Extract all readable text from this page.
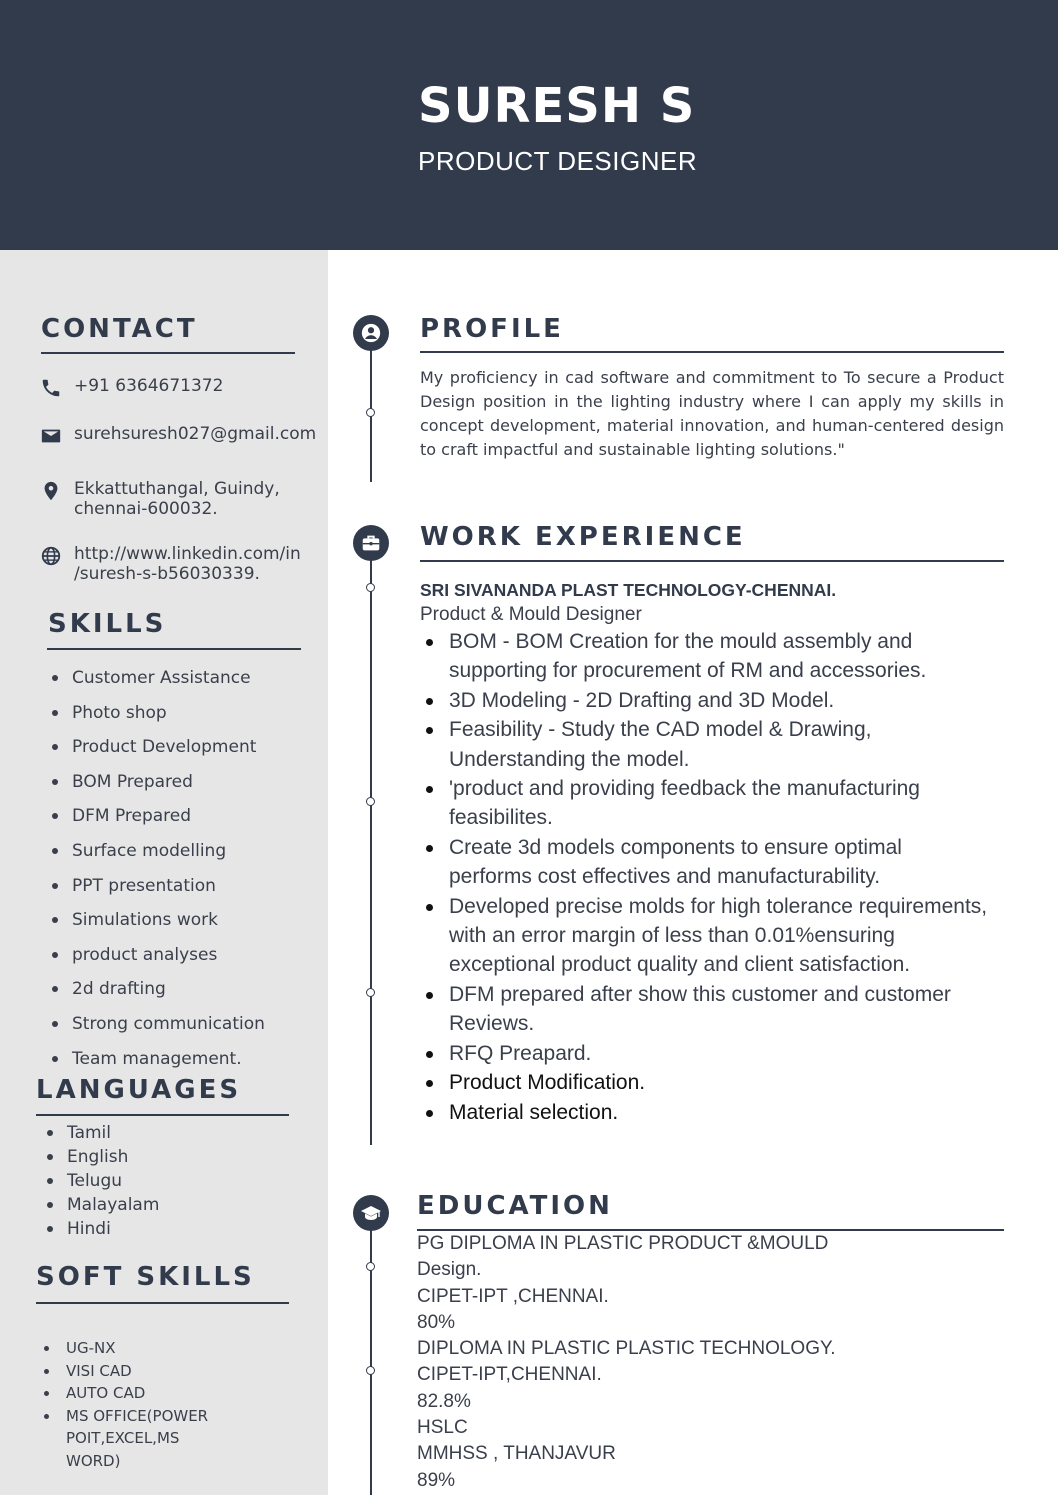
SURESH S

PRODUCT DESIGNER

CONTACT
+91 6364671372
surehsuresh027@gmail.com
Ekkattuthangal, Guindy,
chennai-600032.
http://www.linkedin.com/in
/suresh-s-b56030339.
SKILLS
Customer Assistance
Photo shop
Product Development
BOM Prepared
DFM Prepared
Surface modelling
PPT presentation
Simulations work
product analyses
2d drafting
Strong communication
Team management.
LANGUAGES
Tamil
English
Telugu
Malayalam
Hindi
SOFT SKILLS
UG-NX
VISI CAD
AUTO CAD
MS OFFICE(POWER POIT,EXCEL,MS WORD)
PROFILE

My proficiency in cad software and commitment to To secure a Product Design position in the lighting industry where I can apply my skills in concept development, material innovation, and human-centered design to craft impactful and sustainable lighting solutions."

WORK EXPERIENCE

SRI SIVANANDA PLAST TECHNOLOGY-CHENNAI.

Product & Mould Designer

BOM - BOM Creation for the mould assembly and supporting for procurement of RM and accessories.
3D Modeling - 2D Drafting and 3D Model.
Feasibility - Study the CAD model & Drawing, Understanding the model.
'product and providing feedback the manufacturing feasibilites.
Create 3d models components to ensure optimal performs cost effectives and manufacturability.
Developed precise molds for high tolerance requirements, with an error margin of less than 0.01%ensuring exceptional product quality and client satisfaction.
DFM prepared after show this customer and customer Reviews.
RFQ Preapard.
Product Modification.
Material selection.
EDUCATION
PG DIPLOMA IN PLASTIC PRODUCT &MOULD
Design.
CIPET-IPT ,CHENNAI.
80%
DIPLOMA IN PLASTIC PLASTIC TECHNOLOGY.
CIPET-IPT,CHENNAI.
82.8%
HSLC
MMHSS , THANJAVUR
89%
